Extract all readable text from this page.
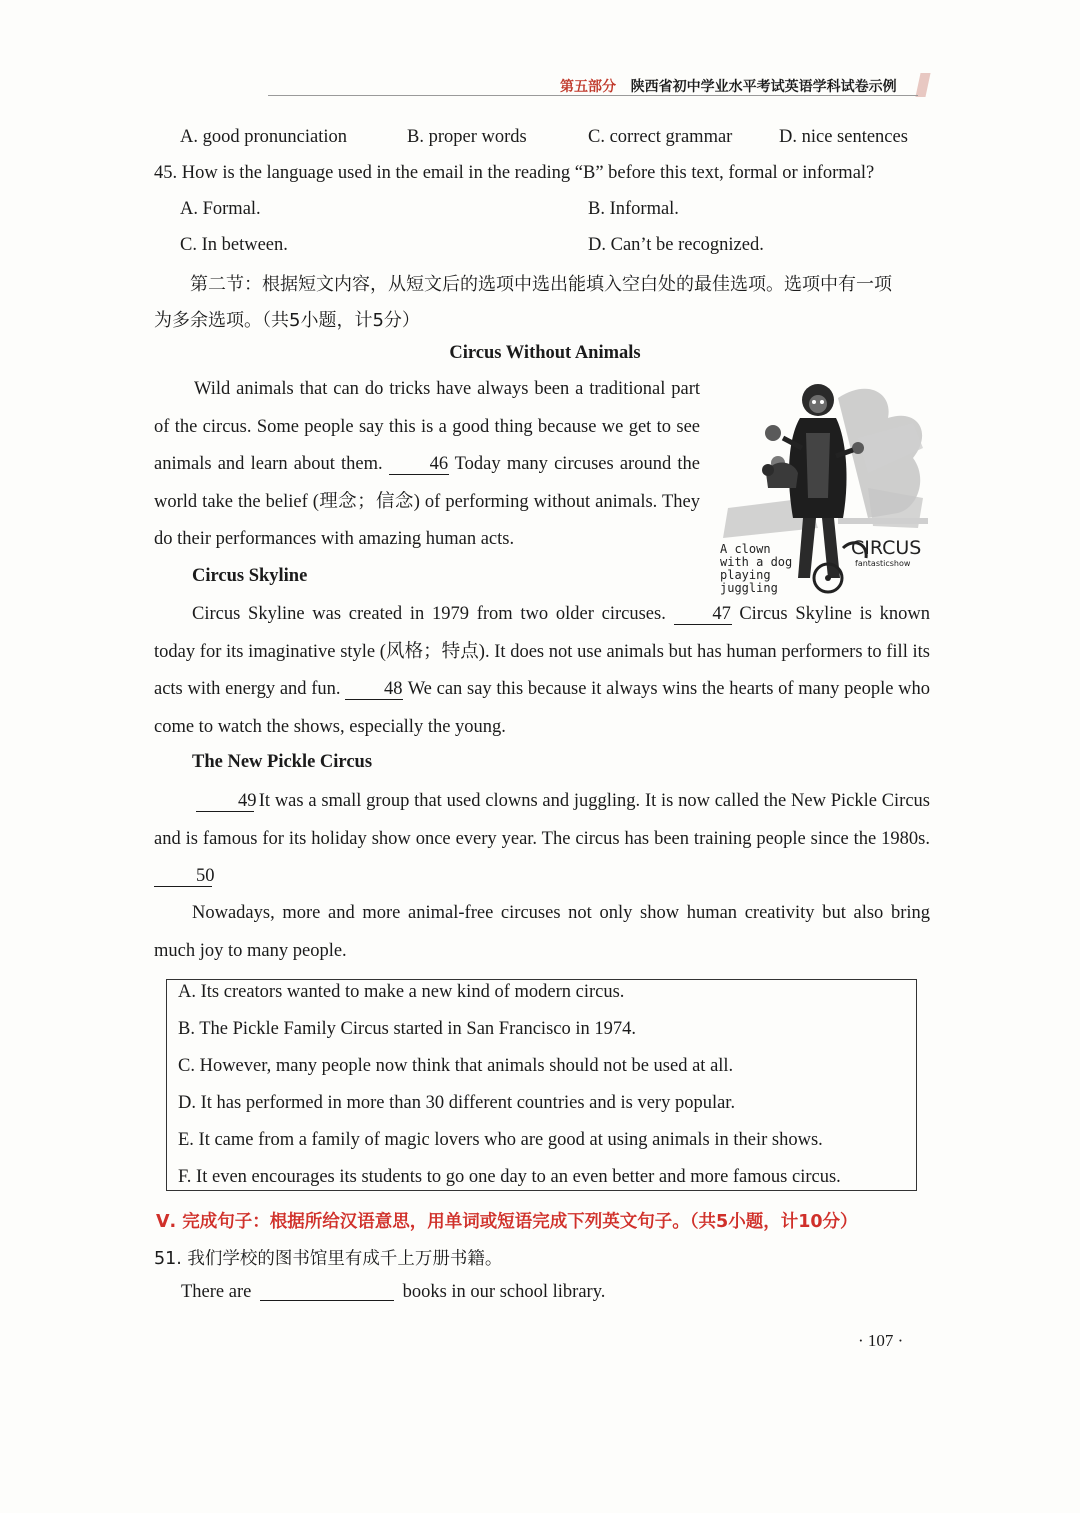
第五部分 陕西省初中学业水平考试英语学科试卷示例
A. good pronunciation	B. proper words	C. correct grammar	D. nice sentences
45. How is the language used in the email in the reading “B” before this text, formal or informal?
A. Formal.	B. Informal.
C. In between.	D. Can’t be recognized.
第二节：根据短文内容，从短文后的选项中选出能填入空白处的最佳选项。选项中有一项
为多余选项。（共5小题，计5分）
Circus Without Animals
Wild animals that can do tricks have always been a traditional part of the circus. Some people say this is a good thing because we get to see animals and learn about them.	46 Today many circuses around the world take the belief (理念；信念) of performing without animals. They do their performances with amazing human acts.	A clown
with a dog
playing
juggling
CIRCUS
fantasticshow
Circus Skyline
Circus Skyline was created in 1979 from two older circuses.	47 Circus Skyline is known today for its imaginative style (风格；特点). It does not use animals but has human performers to fill its acts with energy and fun. 48 We can say this because it always wins the hearts of many people who come to watch the shows, especially the young.
The New Pickle Circus
49 It was a small group that used clowns and juggling. It is now called the New Pickle Circus and is famous for its holiday show once every year. The circus has been training people since the 1980s. 50
Nowadays, more and more animal-free circuses not only show human creativity but also bring much joy to many people.
A. Its creators wanted to make a new kind of modern circus.
B. The Pickle Family Circus started in San Francisco in 1974.
C. However, many people now think that animals should not be used at all.
D. It has performed in more than 30 different countries and is very popular.
E. It came from a family of magic lovers who are good at using animals in their shows.
F. It even encourages its students to go one day to an even better and more famous circus.
Ⅴ. 完成句子：根据所给汉语意思，用单词或短语完成下列英文句子。（共5小题，计10分）
51. 我们学校的图书馆里有成千上万册书籍。
There are	books in our school library.
· 107 ·
